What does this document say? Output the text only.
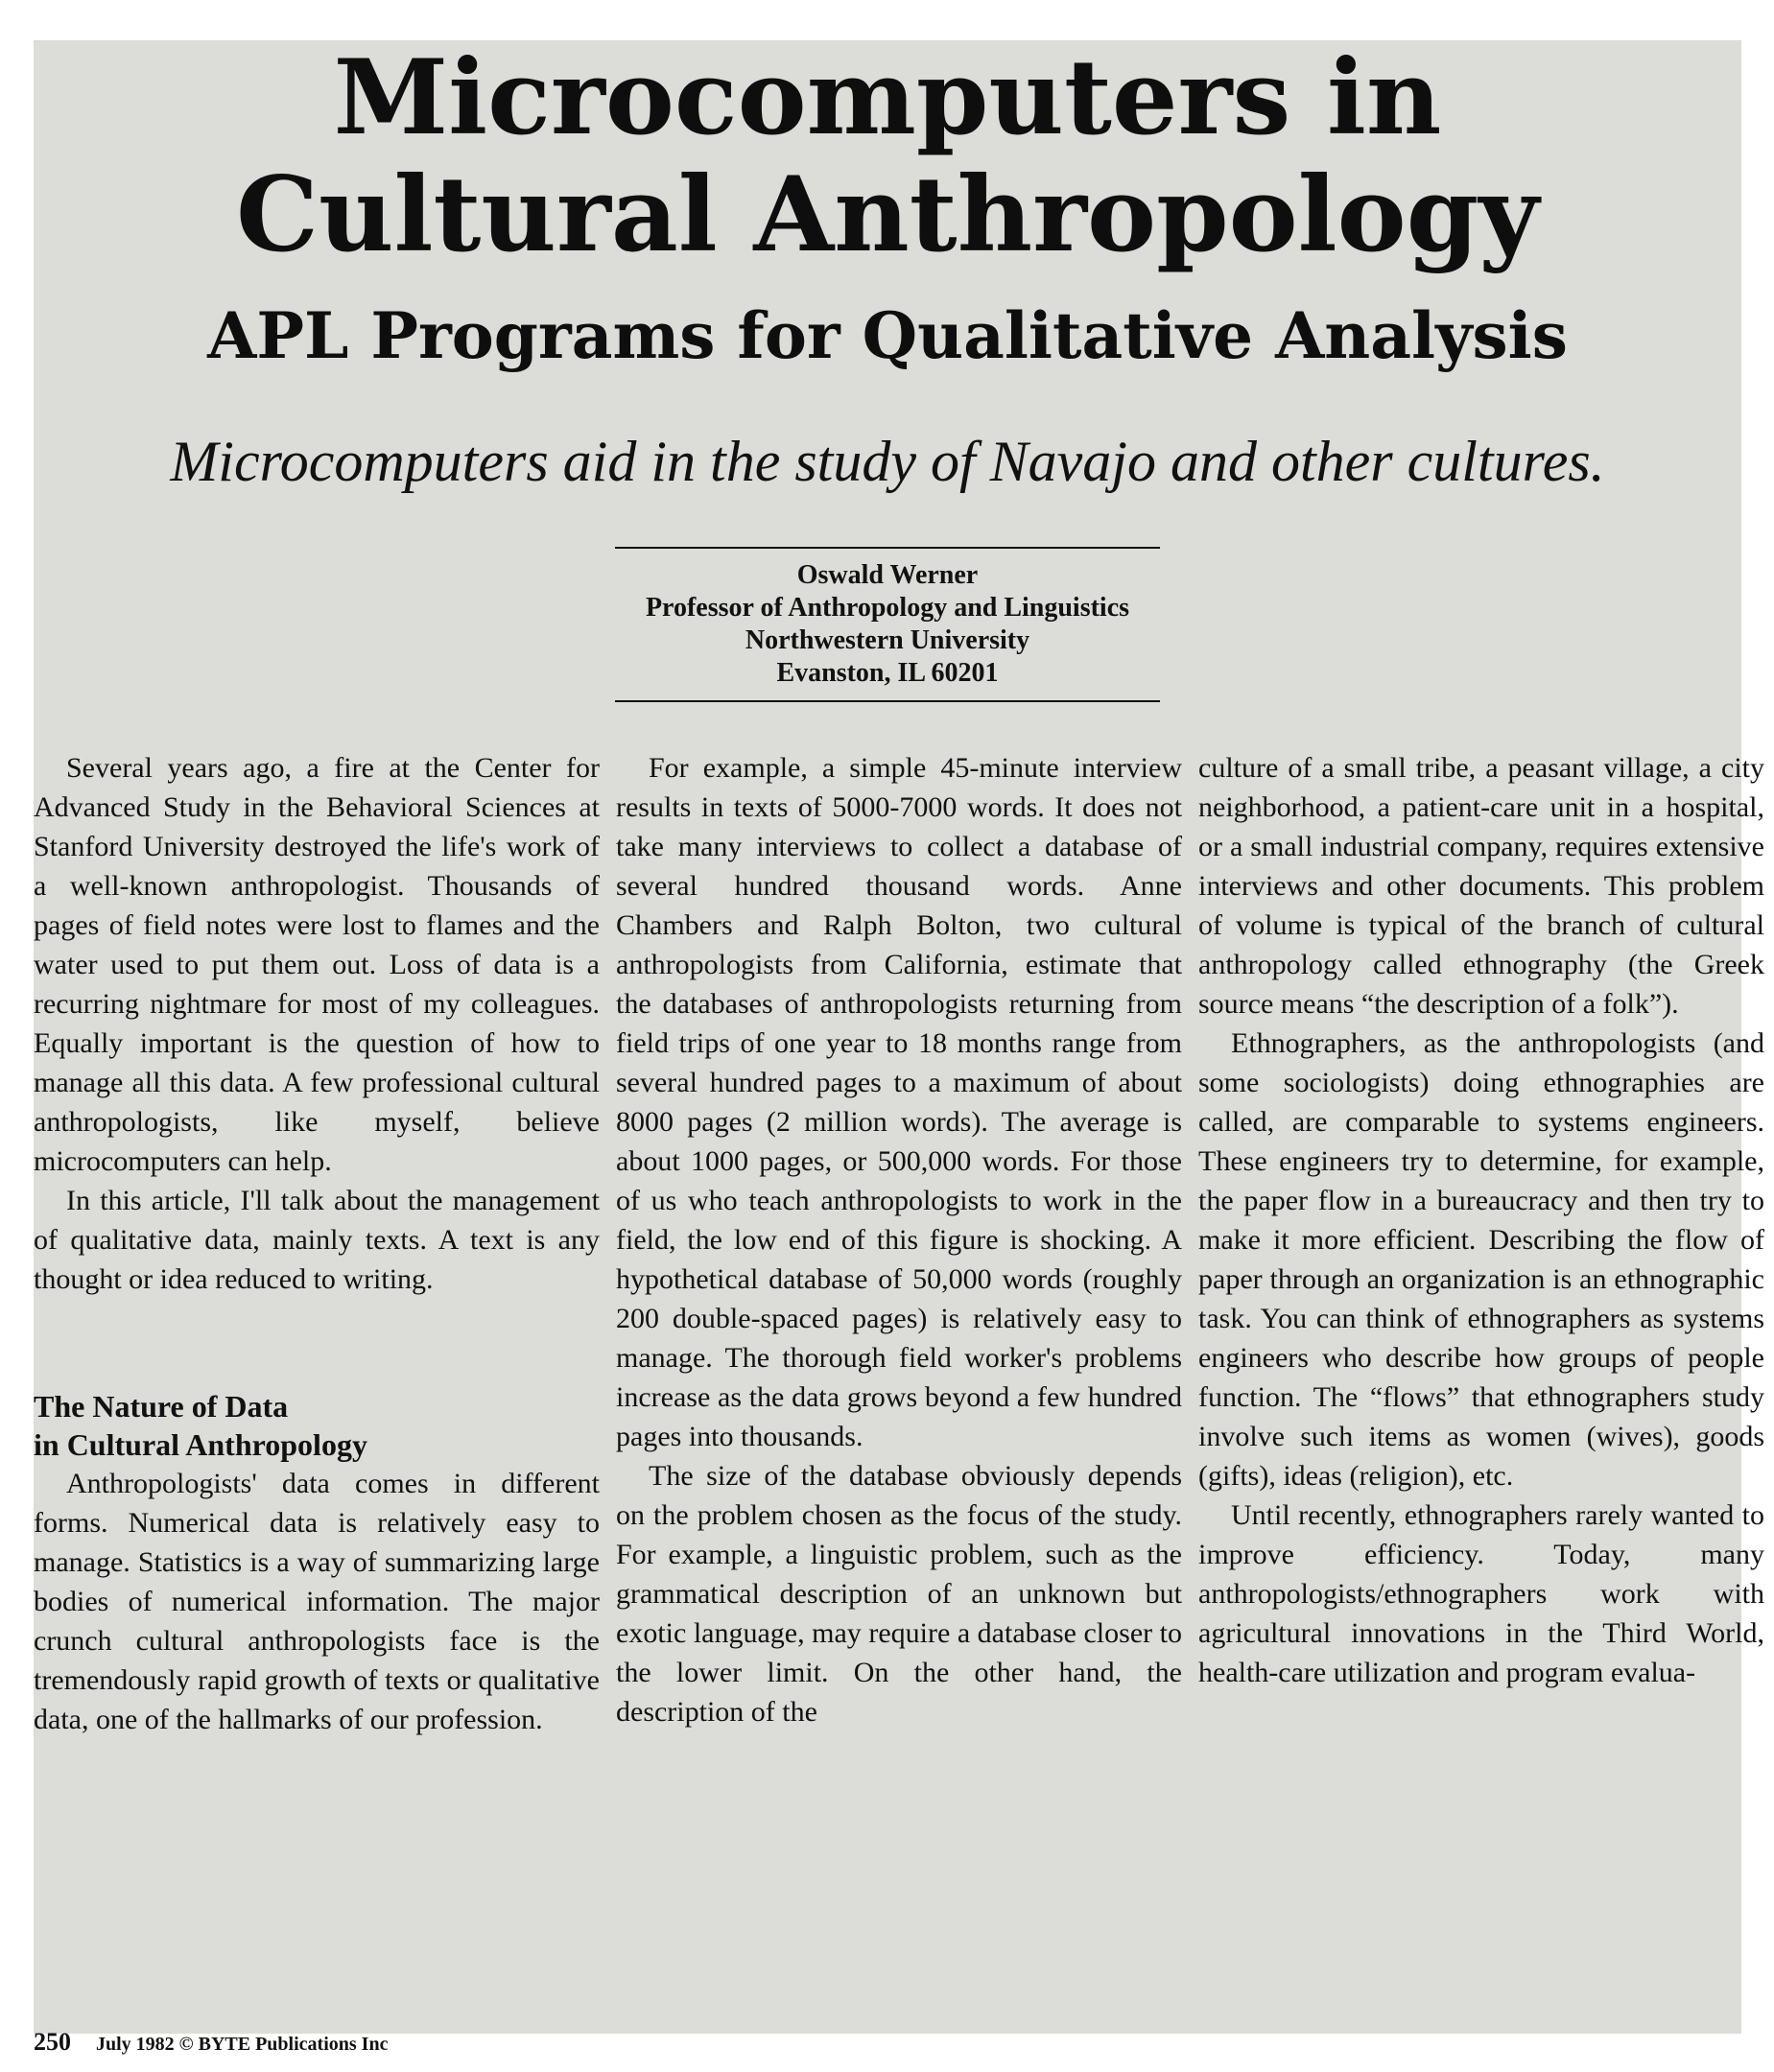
Microcomputers in
Cultural Anthropology
APL Programs for Qualitative Analysis
Microcomputers aid in the study of Navajo and other cultures.
Oswald Werner
Professor of Anthropology and Linguistics
Northwestern University
Evanston, IL 60201

Several years ago, a fire at the Center for Advanced Study in the Behavioral Sciences at Stanford University destroyed the life's work of a well-known anthropologist. Thousands of pages of field notes were lost to flames and the water used to put them out. Loss of data is a recurring nightmare for most of my colleagues. Equally important is the question of how to manage all this data. A few professional cultural anthropologists, like myself, believe microcomputers can help.

In this article, I'll talk about the management of qualitative data, mainly texts. A text is any thought or idea reduced to writing.

The Nature of Data
in Cultural Anthropology

Anthropologists' data comes in different forms. Numerical data is relatively easy to manage. Statistics is a way of summarizing large bodies of numerical information. The major crunch cultural anthropologists face is the tremendously rapid growth of texts or qualitative data, one of the hallmarks of our profession.

For example, a simple 45-minute interview results in texts of 5000-7000 words. It does not take many interviews to collect a database of several hundred thousand words. Anne Chambers and Ralph Bolton, two cultural anthropologists from California, estimate that the databases of anthropologists returning from field trips of one year to 18 months range from several hundred pages to a maximum of about 8000 pages (2 million words). The average is about 1000 pages, or 500,000 words. For those of us who teach anthropologists to work in the field, the low end of this figure is shocking. A hypothetical database of 50,000 words (roughly 200 double-spaced pages) is relatively easy to manage. The thorough field worker's problems increase as the data grows beyond a few hundred pages into thousands.

The size of the database obviously depends on the problem chosen as the focus of the study. For example, a linguistic problem, such as the grammatical description of an unknown but exotic language, may require a database closer to the lower limit. On the other hand, the description of the

culture of a small tribe, a peasant village, a city neighborhood, a patient-care unit in a hospital, or a small industrial company, requires extensive interviews and other documents. This problem of volume is typical of the branch of cultural anthropology called ethnography (the Greek source means “the description of a folk”).

Ethnographers, as the anthropologists (and some sociologists) doing ethnographies are called, are comparable to systems engineers. These engineers try to determine, for example, the paper flow in a bureaucracy and then try to make it more efficient. Describing the flow of paper through an organization is an ethnographic task. You can think of ethnographers as systems engineers who describe how groups of people function. The “flows” that ethnographers study involve such items as women (wives), goods (gifts), ideas (religion), etc.

Until recently, ethnographers rarely wanted to improve efficiency. Today, many anthropologists/ethnographers work with agricultural innovations in the Third World, health-care utilization and program evalua-

250 July 1982 © BYTE Publications Inc
